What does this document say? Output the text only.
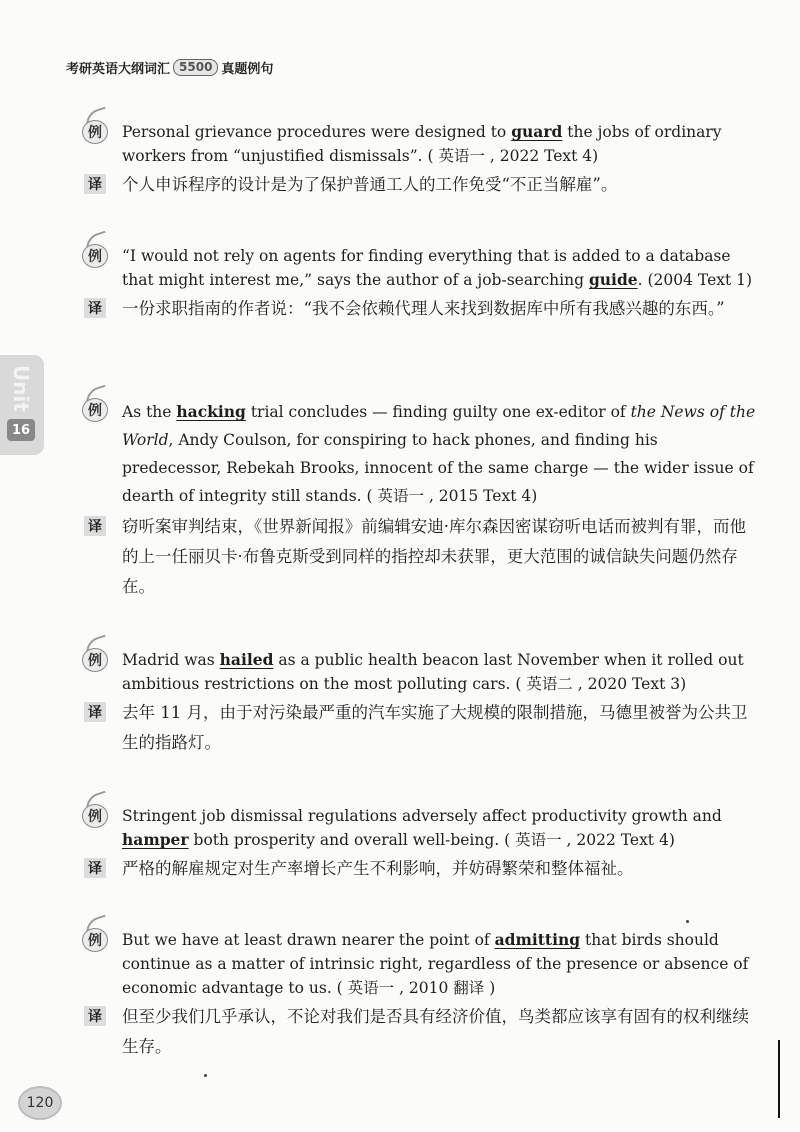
考研英语大纲词汇 5500 真题例句
Unit
16
例	Personal grievance procedures were designed to guard the jobs of ordinary workers from “unjustified dismissals”. ( 英语一 , 2022 Text 4)
译 个人申诉程序的设计是为了保护普通工人的工作免受“不正当解雇”。
例	“I would not rely on agents for finding everything that is added to a database that might interest me,” says the author of a job-searching guide. (2004 Text 1)
译 一份求职指南的作者说：“我不会依赖代理人来找到数据库中所有我感兴趣的东西。”
例	As the hacking trial concludes — finding guilty one ex-editor of the News of the World, Andy Coulson, for conspiring to hack phones, and finding his predecessor, Rebekah Brooks, innocent of the same charge — the wider issue of dearth of integrity still stands. ( 英语一 , 2015 Text 4)
译 窃听案审判结束，《世界新闻报》前编辑安迪·库尔森因密谋窃听电话而被判有罪，而他的上一任丽贝卡·布鲁克斯受到同样的指控却未获罪，更大范围的诚信缺失问题仍然存在。
例	Madrid was hailed as a public health beacon last November when it rolled out ambitious restrictions on the most polluting cars. ( 英语二 , 2020 Text 3)
译 去年 11 月，由于对污染最严重的汽车实施了大规模的限制措施，马德里被誉为公共卫生的指路灯。
例	Stringent job dismissal regulations adversely affect productivity growth and hamper both prosperity and overall well-being. ( 英语一 , 2022 Text 4)
译 严格的解雇规定对生产率增长产生不利影响，并妨碍繁荣和整体福祉。
例	But we have at least drawn nearer the point of admitting that birds should continue as a matter of intrinsic right, regardless of the presence or absence of economic advantage to us. ( 英语一 , 2010 翻译 )
译 但至少我们几乎承认，不论对我们是否具有经济价值，鸟类都应该享有固有的权利继续生存。
120
